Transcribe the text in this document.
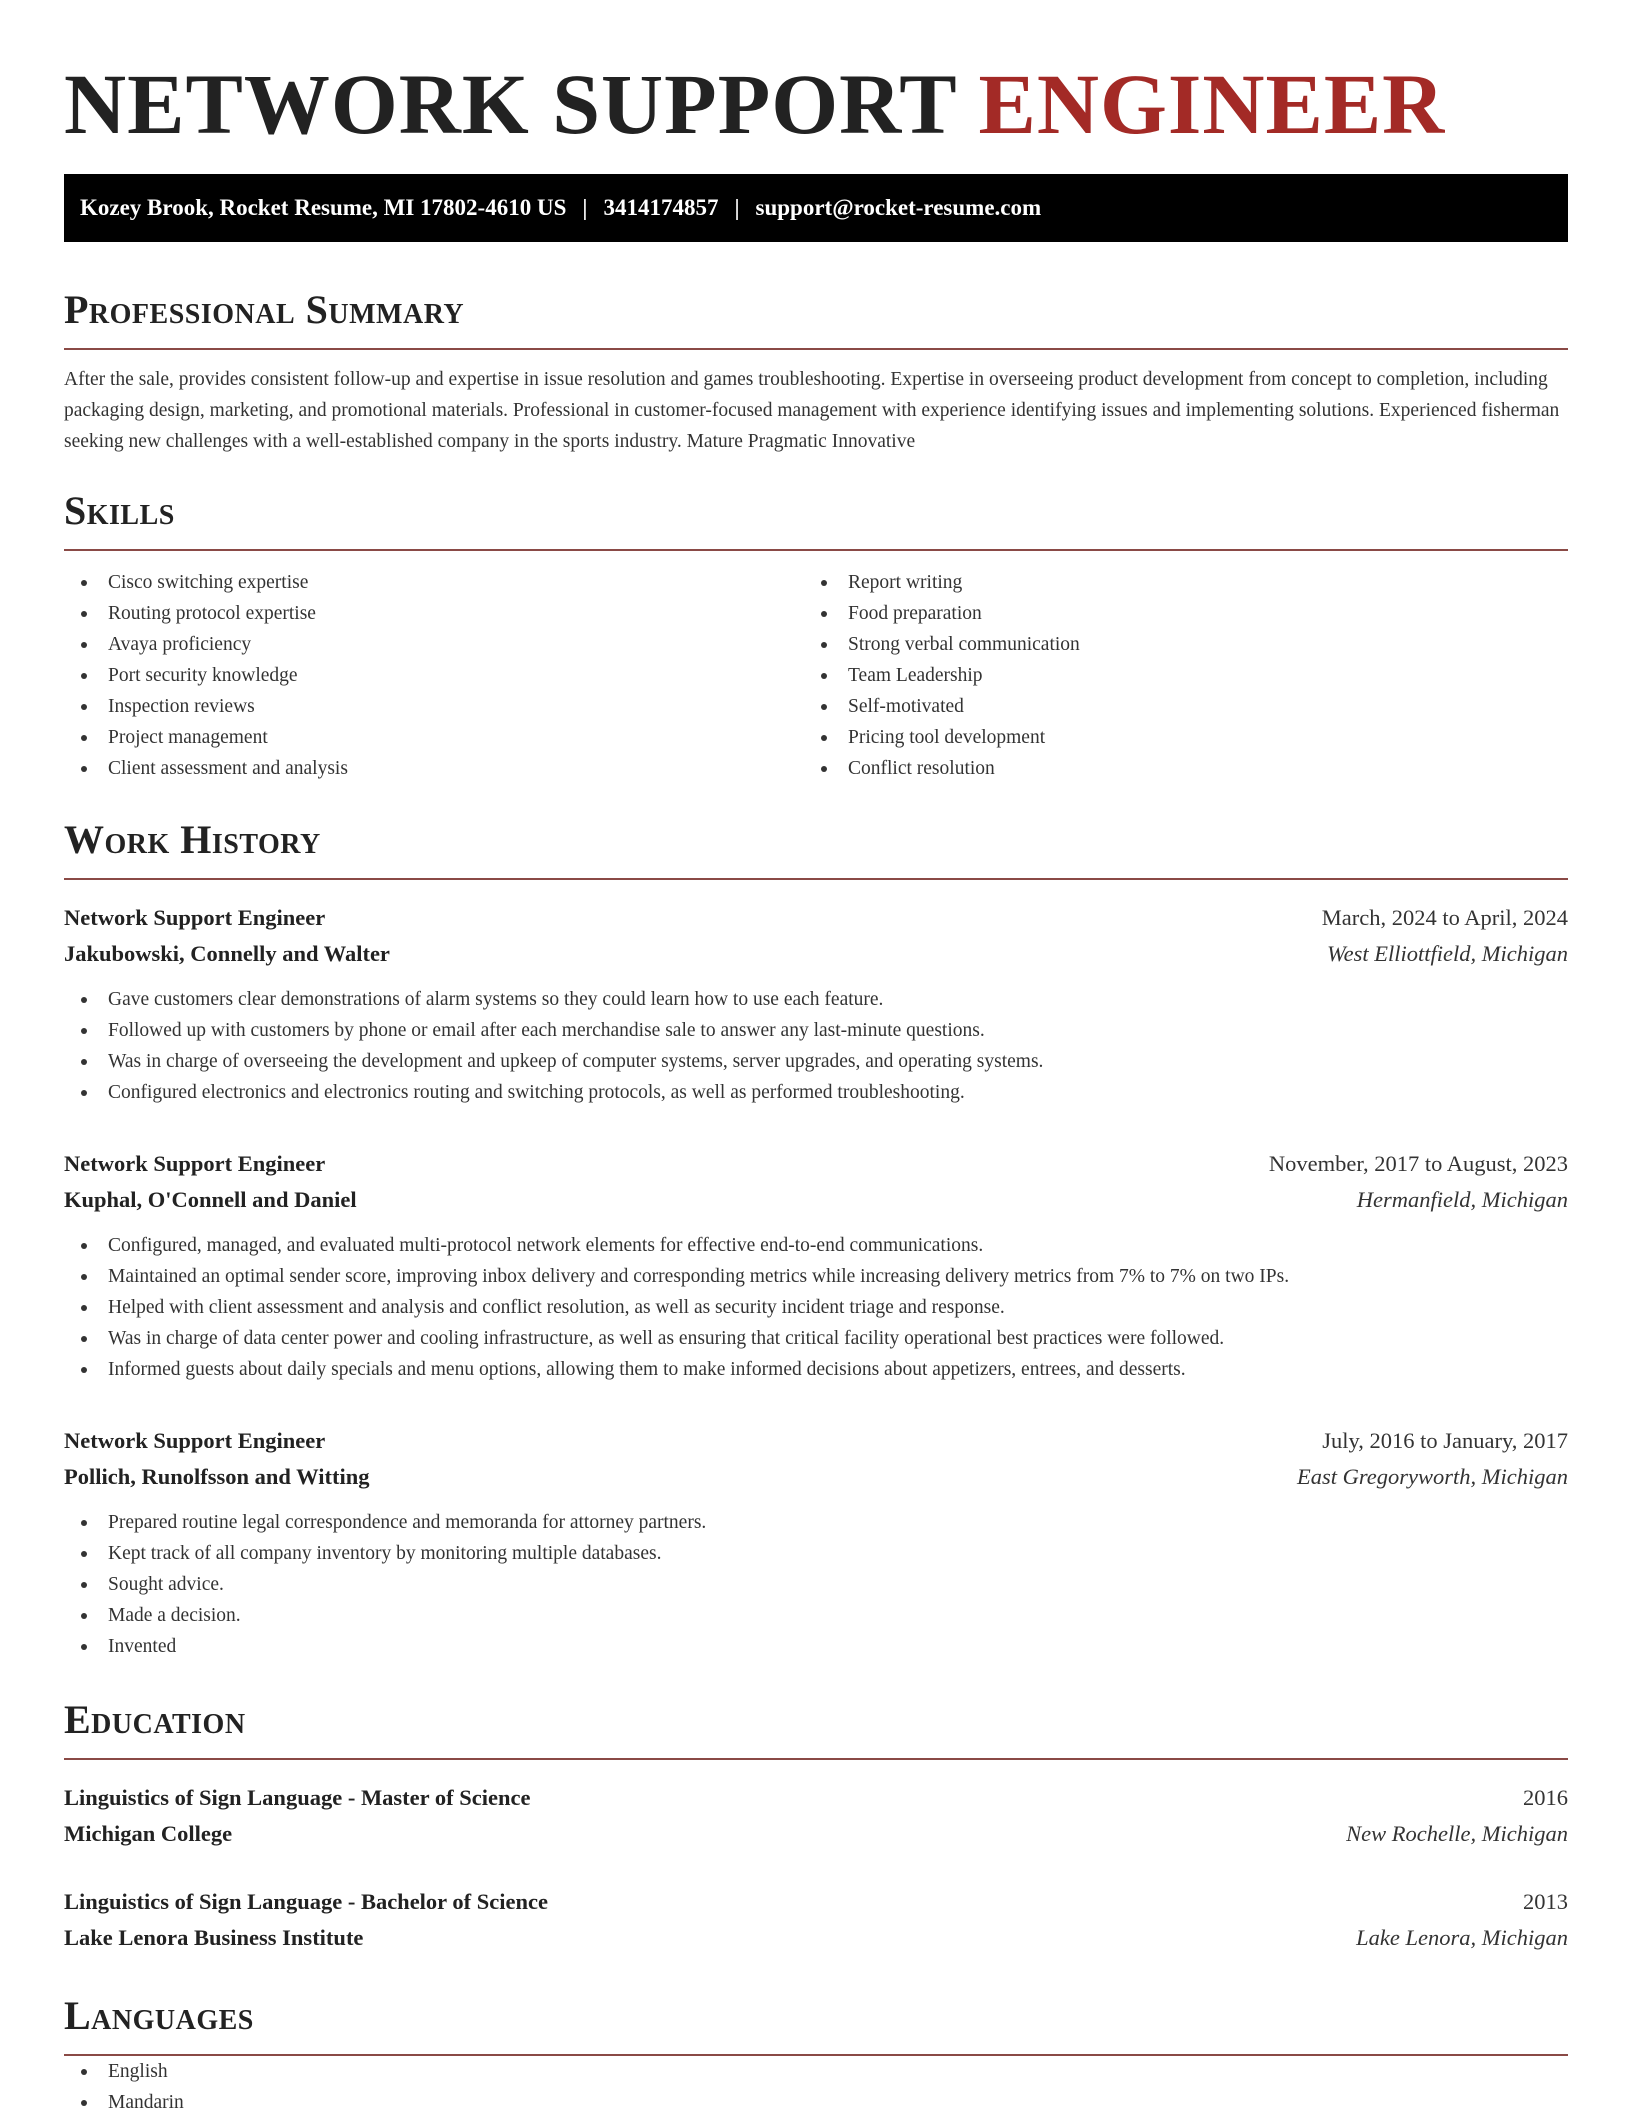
NETWORK SUPPORT ENGINEER
Kozey Brook, Rocket Resume, MI 17802-4610 US | 3414174857 | support@rocket-resume.com
Professional Summary

After the sale, provides consistent follow-up and expertise in issue resolution and games troubleshooting. Expertise in overseeing product development from concept to completion, including packaging design, marketing, and promotional materials. Professional in customer-focused management with experience identifying issues and implementing solutions. Experienced fisherman seeking new challenges with a well-established company in the sports industry. Mature Pragmatic Innovative

Skills
Cisco switching expertise
Routing protocol expertise
Avaya proficiency
Port security knowledge
Inspection reviews
Project management
Client assessment and analysis
Report writing
Food preparation
Strong verbal communication
Team Leadership
Self-motivated
Pricing tool development
Conflict resolution
Work History
Network Support Engineer	March, 2024 to April, 2024
Jakubowski, Connelly and Walter	West Elliottfield, Michigan
Gave customers clear demonstrations of alarm systems so they could learn how to use each feature.
Followed up with customers by phone or email after each merchandise sale to answer any last-minute questions.
Was in charge of overseeing the development and upkeep of computer systems, server upgrades, and operating systems.
Configured electronics and electronics routing and switching protocols, as well as performed troubleshooting.
Network Support Engineer	November, 2017 to August, 2023
Kuphal, O'Connell and Daniel	Hermanfield, Michigan
Configured, managed, and evaluated multi-protocol network elements for effective end-to-end communications.
Maintained an optimal sender score, improving inbox delivery and corresponding metrics while increasing delivery metrics from 7% to 7% on two IPs.
Helped with client assessment and analysis and conflict resolution, as well as security incident triage and response.
Was in charge of data center power and cooling infrastructure, as well as ensuring that critical facility operational best practices were followed.
Informed guests about daily specials and menu options, allowing them to make informed decisions about appetizers, entrees, and desserts.
Network Support Engineer	July, 2016 to January, 2017
Pollich, Runolfsson and Witting	East Gregoryworth, Michigan
Prepared routine legal correspondence and memoranda for attorney partners.
Kept track of all company inventory by monitoring multiple databases.
Sought advice.
Made a decision.
Invented
Education
Linguistics of Sign Language - Master of Science	2016
Michigan College	New Rochelle, Michigan
Linguistics of Sign Language - Bachelor of Science	2013
Lake Lenora Business Institute	Lake Lenora, Michigan
Languages
English
Mandarin
